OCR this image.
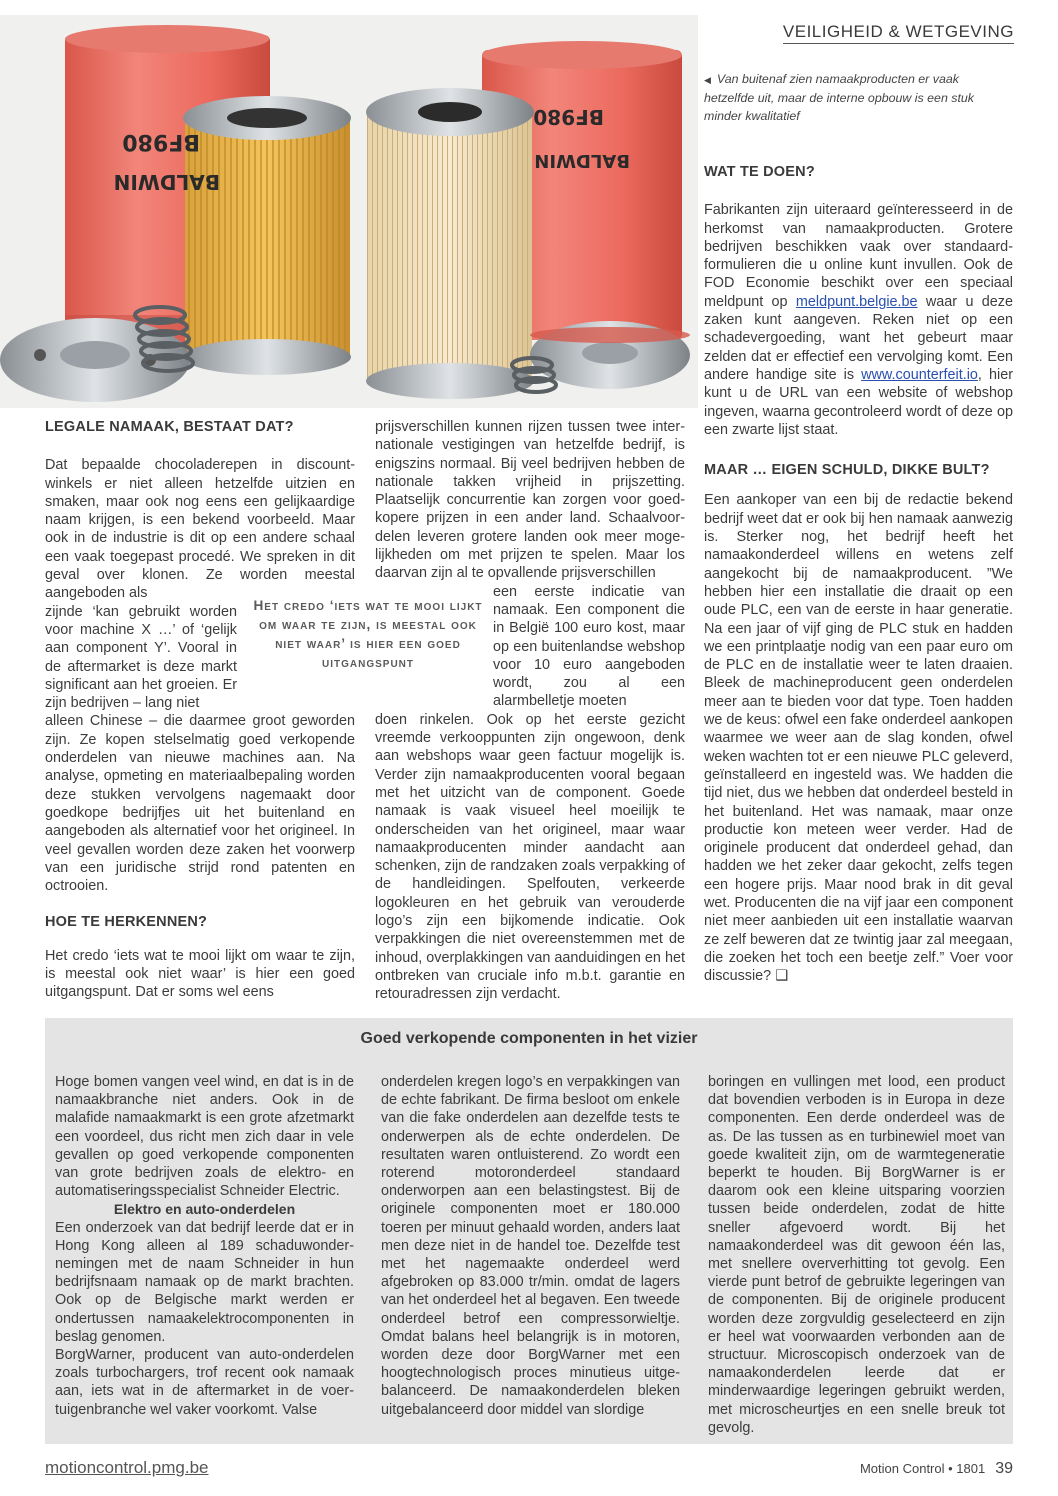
VEILIGHEID & WETGEVING
BF980
BALDWIN
BF980
BALDWIN
◀ Van buitenaf zien namaakproducten er vaak hetzelfde uit, maar de interne opbouw is een stuk minder kwalitatief
LEGALE NAMAAK, BESTAAT DAT?

Dat bepaalde chocoladerepen in discountwinkels er niet alleen hetzelfde uitzien en smaken, maar ook nog eens een gelijkaardige naam krijgen, is een bekend voorbeeld. Maar ook in de industrie is dit op een andere schaal een vaak toegepast procedé. We spreken in dit geval over klonen. Ze worden meestal aangeboden als

zijnde ‘kan gebruikt worden voor machine X …’ of ‘gelijk aan component Y’. Vooral in de aftermarket is deze markt significant aan het groeien. Er zijn bedrijven – lang niet

alleen Chinese – die daarmee groot geworden zijn. Ze kopen stelselmatig goed verkopende onderdelen van nieuwe machines aan. Na analyse, opmeting en materiaalbepaling worden deze stukken vervolgens nagemaakt door goedkope bedrijfjes uit het buitenland en aangeboden als alternatief voor het origineel. In veel gevallen worden deze zaken het voorwerp van een juridische strijd rond patenten en octrooien.

HOE TE HERKENNEN?

Het credo ‘iets wat te mooi lijkt om waar te zijn, is meestal ook niet waar’ is hier een goed uitgangspunt. Dat er soms wel eens

Het credo ‘iets wat te mooi lijkt om waar te zijn, is meestal ook niet waar’ is hier een goed uitgangspunt

prijsverschillen kunnen rijzen tussen twee internationale vestigingen van hetzelfde bedrijf, is enigszins normaal. Bij veel bedrijven hebben de nationale takken vrijheid in prijszetting. Plaatselijk concurrentie kan zorgen voor goedkopere prijzen in een ander land. Schaalvoordelen leveren grotere landen ook meer mogelijkheden om met prijzen te spelen. Maar los daarvan zijn al te opvallende prijsverschillen

een eerste indicatie van namaak. Een component die in België 100 euro kost, maar op een buitenlandse webshop voor 10 euro aangeboden wordt, zou al een alarmbelletje moeten

doen rinkelen. Ook op het eerste gezicht vreemde verkooppunten zijn ongewoon, denk aan webshops waar geen factuur mogelijk is. Verder zijn namaakproducenten vooral begaan met het uitzicht van de component. Goede namaak is vaak visueel heel moeilijk te onderscheiden van het origineel, maar waar namaakproducenten minder aandacht aan schenken, zijn de randzaken zoals verpakking of de handleidingen. Spelfouten, verkeerde logokleuren en het gebruik van verouderde logo’s zijn een bijkomende indicatie. Ook verpakkingen die niet overeenstemmen met de inhoud, overplakkingen van aanduidingen en het ontbreken van cruciale info m.b.t. garantie en retouradressen zijn verdacht.

WAT TE DOEN?

Fabrikanten zijn uiteraard geïnteresseerd in de herkomst van namaakproducten. Grotere bedrijven beschikken vaak over standaardformulieren die u online kunt invullen. Ook de FOD Economie beschikt over een speciaal meldpunt op meldpunt.belgie.be waar u deze zaken kunt aangeven. Reken niet op een schadevergoeding, want het gebeurt maar zelden dat er effectief een vervolging komt. Een andere handige site is www.counterfeit.io, hier kunt u de URL van een website of webshop ingeven, waarna gecontroleerd wordt of deze op een zwarte lijst staat.

MAAR … EIGEN SCHULD, DIKKE BULT?

Een aankoper van een bij de redactie bekend bedrijf weet dat er ook bij hen namaak aanwezig is. Sterker nog, het bedrijf heeft het namaakonderdeel willens en wetens zelf aangekocht bij de namaakproducent. ”We hebben hier een installatie die draait op een oude PLC, een van de eerste in haar generatie. Na een jaar of vijf ging de PLC stuk en hadden we een printplaatje nodig van een paar euro om de PLC en de installatie weer te laten draaien. Bleek de machineproducent geen onderdelen meer aan te bieden voor dat type. Toen hadden we de keus: ofwel een fake onderdeel aankopen waarmee we weer aan de slag konden, ofwel weken wachten tot er een nieuwe PLC geleverd, geïnstalleerd en ingesteld was. We hadden die tijd niet, dus we hebben dat onderdeel besteld in het buitenland. Het was namaak, maar onze productie kon meteen weer verder. Had de originele producent dat onderdeel gehad, dan hadden we het zeker daar gekocht, zelfs tegen een hogere prijs. Maar nood brak in dit geval wet. Producenten die na vijf jaar een component niet meer aanbieden uit een installatie waarvan ze zelf beweren dat ze twintig jaar zal meegaan, die zoeken het toch een beetje zelf.” Voer voor discussie? ❑

Goed verkopende componenten in het vizier

Hoge bomen vangen veel wind, en dat is in de namaakbranche niet anders. Ook in de malafide namaakmarkt is een grote afzetmarkt een voordeel, dus richt men zich daar in vele gevallen op goed verkopende componenten van grote bedrijven zoals de elektro- en automatiseringsspecialist Schneider Electric.

Elektro en auto-onderdelen

Een onderzoek van dat bedrijf leerde dat er in Hong Kong alleen al 189 schaduwondernemingen met de naam Schneider in hun bedrijfsnaam namaak op de markt brachten. Ook op de Belgische markt werden er ondertussen namaakelektrocomponenten in beslag genomen.

BorgWarner, producent van auto-onderdelen zoals turbochargers, trof recent ook namaak aan, iets wat in de aftermarket in de voertuigenbranche wel vaker voorkomt. Valse

onderdelen kregen logo’s en verpakkingen van de echte fabrikant. De firma besloot om enkele van die fake onderdelen aan dezelfde tests te onderwerpen als de echte onderdelen. De resultaten waren ontluisterend. Zo wordt een roterend motoronderdeel standaard onderworpen aan een belastingstest. Bij de originele componenten moet er 180.000 toeren per minuut gehaald worden, anders laat men deze niet in de handel toe. Dezelfde test met het nagemaakte onderdeel werd afgebroken op 83.000 tr/min. omdat de lagers van het onderdeel het al begaven. Een tweede onderdeel betrof een compressorwieltje. Omdat balans heel belangrijk is in motoren, worden deze door BorgWarner met een hoogtechnologisch proces minutieus uitgebalanceerd. De namaakonderdelen bleken uitgebalanceerd door middel van slordige

boringen en vullingen met lood, een product dat bovendien verboden is in Europa in deze componenten. Een derde onderdeel was de as. De las tussen as en turbinewiel moet van goede kwaliteit zijn, om de warmtegeneratie beperkt te houden. Bij BorgWarner is er daarom ook een kleine uitsparing voorzien tussen beide onderdelen, zodat de hitte sneller afgevoerd wordt. Bij het namaakonderdeel was dit gewoon één las, met snellere oververhitting tot gevolg. Een vierde punt betrof de gebruikte legeringen van de componenten. Bij de originele producent worden deze zorgvuldig geselecteerd en zijn er heel wat voorwaarden verbonden aan de structuur. Microscopisch onderzoek van de namaakonderdelen leerde dat er minderwaardige legeringen gebruikt werden, met microscheurtjes en een snelle breuk tot gevolg.

motioncontrol.pmg.be	Motion Control • 1801 39
